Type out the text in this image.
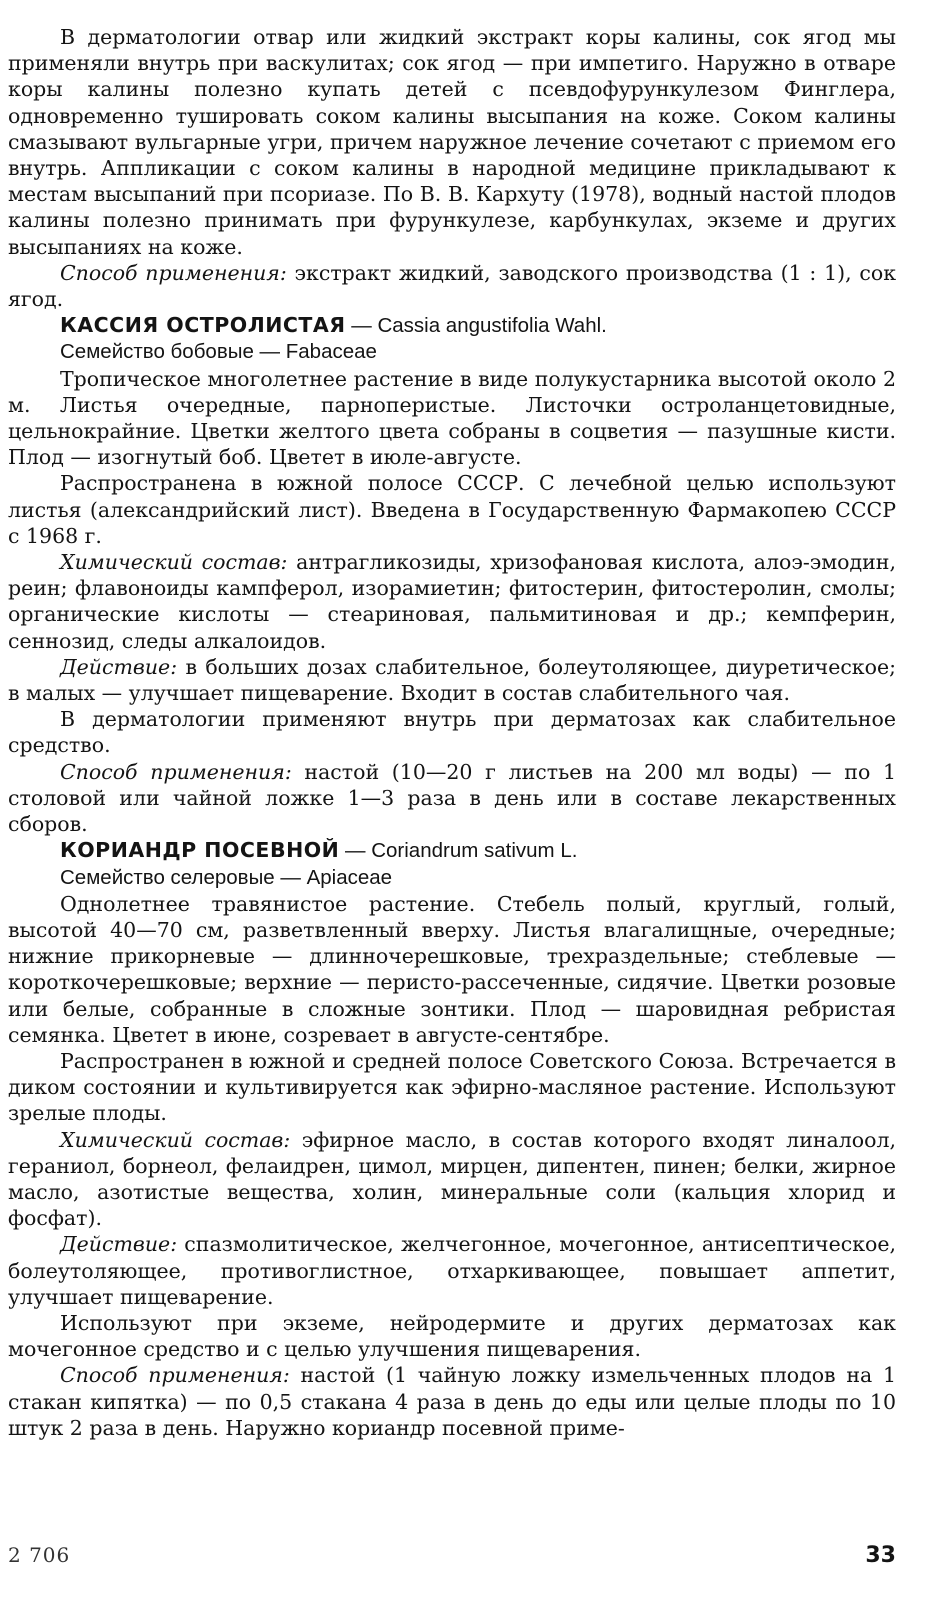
В дерматологии отвар или жидкий экстракт коры калины, сок ягод мы применяли внутрь при васкулитах; сок ягод — при импетиго. Наружно в отваре коры калины полезно купать детей с псевдофурункулезом Финглера, одновременно тушировать соком калины высыпания на коже. Соком калины смазывают вульгарные угри, причем наружное лечение сочетают с приемом его внутрь. Аппликации с соком калины в народной медицине прикладывают к местам высыпаний при псориазе. По В. В. Кархуту (1978), водный настой плодов калины полезно принимать при фурункулезе, карбункулах, экземе и других высыпаниях на коже.

Способ применения: экстракт жидкий, заводского производства (1 : 1), сок ягод.

КАССИЯ ОСТРОЛИСТАЯ — Cassia angustifolia Wahl.

Семейство бобовые — Fabaceae

Тропическое многолетнее растение в виде полукустарника высотой около 2 м. Листья очередные, парноперистые. Листочки остроланцетовидные, цельнокрайние. Цветки желтого цвета собраны в соцветия — пазушные кисти. Плод — изогнутый боб. Цветет в июле-августе.

Распространена в южной полосе СССР. С лечебной целью используют листья (александрийский лист). Введена в Государственную Фармакопею СССР с 1968 г.

Химический состав: антрагликозиды, хризофановая кислота, алоэ-эмодин, реин; флавоноиды кампферол, изорамиетин; фитостерин, фитостеролин, смолы; органические кислоты — стеариновая, пальмитиновая и др.; кемпферин, сеннозид, следы алкалоидов.

Действие: в больших дозах слабительное, болеутоляющее, диуретическое; в малых — улучшает пищеварение. Входит в состав слабительного чая.

В дерматологии применяют внутрь при дерматозах как слабительное средство.

Способ применения: настой (10—20 г листьев на 200 мл воды) — по 1 столовой или чайной ложке 1—3 раза в день или в составе лекарственных сборов.

КОРИАНДР ПОСЕВНОЙ — Coriandrum sativum L.

Семейство селеровые — Apiaceae

Однолетнее травянистое растение. Стебель полый, круглый, голый, высотой 40—70 см, разветвленный вверху. Листья влагалищные, очередные; нижние прикорневые — длинночерешковые, трехраздельные; стеблевые — короткочерешковые; верхние — перисто-рассеченные, сидячие. Цветки розовые или белые, собранные в сложные зонтики. Плод — шаровидная ребристая семянка. Цветет в июне, созревает в августе-сентябре.

Распространен в южной и средней полосе Советского Союза. Встречается в диком состоянии и культивируется как эфирно-масляное растение. Используют зрелые плоды.

Химический состав: эфирное масло, в состав которого входят линалоол, гераниол, борнеол, фелаидрен, цимол, мирцен, дипентен, пинен; белки, жирное масло, азотистые вещества, холин, минеральные соли (кальция хлорид и фосфат).

Действие: спазмолитическое, желчегонное, мочегонное, антисептическое, болеутоляющее, противоглистное, отхаркивающее, повышает аппетит, улучшает пищеварение.

Используют при экземе, нейродермите и других дерматозах как мочегонное средство и с целью улучшения пищеварения.

Способ применения: настой (1 чайную ложку измельченных плодов на 1 стакан кипятка) — по 0,5 стакана 4 раза в день до еды или целые плоды по 10 штук 2 раза в день. Наружно кориандр посевной приме-

2 706	33
